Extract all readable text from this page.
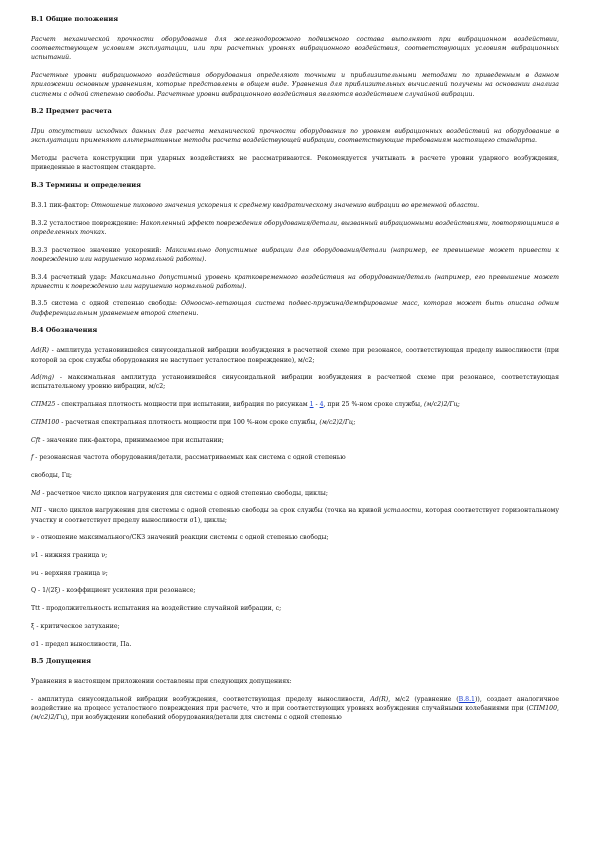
В.1 Общие положения
Расчет механической прочности оборудования для железнодорожного подвижного состава выполняют при вибрационном воздействии, соответствующем условиям эксплуатации, или при расчетных уровнях вибрационного воздействия, соответствующих условиям вибрационных испытаний.
Расчетные уровни вибрационного воздействия оборудования определяют точными и приблизительными методами по приведенным в данном приложении основным уравнениям, которые представлены в общем виде. Уравнения для приблизительных вычислений получены на основании анализа системы с одной степенью свободы. Расчетные уровни вибрационного воздействия являются воздействием случайной вибрации.
В.2 Предмет расчета
При отсутствии исходных данных для расчета механической прочности оборудования по уровням вибрационных воздействий на оборудование в эксплуатации применяют альтернативные методы расчета воздействующей вибрации, соответствующие требованиям настоящего стандарта.
Методы расчета конструкции при ударных воздействиях не рассматриваются. Рекомендуется учитывать в расчете уровни ударного возбуждения, приведенные в настоящем стандарте.
В.3 Термины и определения
В.3.1 пик-фактор: Отношение пикового значения ускорения к среднему квадратическому значению вибрации во временной области.
В.3.2 усталостное повреждение: Накопленный эффект повреждения оборудования/детали, вызванный вибрационными воздействиями, повторяющимися в определенных точках.
В.3.3 расчетное значение ускорений: Максимально допустимые вибрации для оборудования/детали (например, ее превышение может привести к повреждению или нарушению нормальной работы).
В.3.4 расчетный удар: Максимально допустимый уровень кратковременного воздействия на оборудование/деталь (например, его превышение может привести к повреждению или нарушению нормальной работы).
В.3.5 система с одной степенью свободы: Одноосно-летающая система подвес-пружина/демпфирование масс, которая может быть описана одним дифференциальным уравнением второй степени.
В.4 Обозначения
Ad(R) - амплитуда установившейся синусоидальной вибрации возбуждения в расчетной схеме при резонансе, соответствующая пределу выносливости (при которой за срок службы оборудования не наступает усталостное повреждение), м/с2;
Ad(mg) - максимальная амплитуда установившейся синусоидальной вибрации возбуждения в расчетной схеме при резонансе, соответствующая испытательному уровню вибрации, м/с2;
СПМ25 - спектральная плотность мощности при испытании, вибрация по рисункам 1 - 4, при 25 %-ном сроке службы, (м/с2)2/Гц;
СПМ100 - расчетная спектральная плотность мощности при 100 %-ном сроке службы, (м/с2)2/Гц;
Cft - значение пик-фактора, принимаемое при испытании;
f - резонансная частота оборудования/детали, рассматриваемых как система с одной степенью
свободы, Гц;
Nd - расчетное число циклов нагружения для системы с одной степенью свободы, циклы;
NΠ - число циклов нагружения для системы с одной степенью свободы за срок службы (точка на кривой усталости, которая соответствует горизонтальному участку и соответствует пределу выносливости σ1), циклы;
ν - отношение максимального/СКЗ значений реакции системы с одной степенью свободы;
ν1 - нижняя граница ν;
νu - верхняя граница ν;
Q - 1/(2ξ) - коэффициент усиления при резонансе;
Ttt - продолжительность испытания на воздействие случайной вибрации, с;
ξ - критическое затухание;
σ1 - предел выносливости, Па.
В.5 Допущения
Уравнения в настоящем приложении составлены при следующих допущениях:
- амплитуда синусоидальной вибрации возбуждения, соответствующая пределу выносливости, Ad(R), м/с2 (уравнение (В.8.1)), создает аналогичное воздействие на процесс усталостного повреждения при расчете, что и при соответствующих уровнях возбуждения случайными колебаниями при (СПМ100, (м/с2)2/Гц), при возбуждении колебаний оборудования/детали для системы с одной степенью
